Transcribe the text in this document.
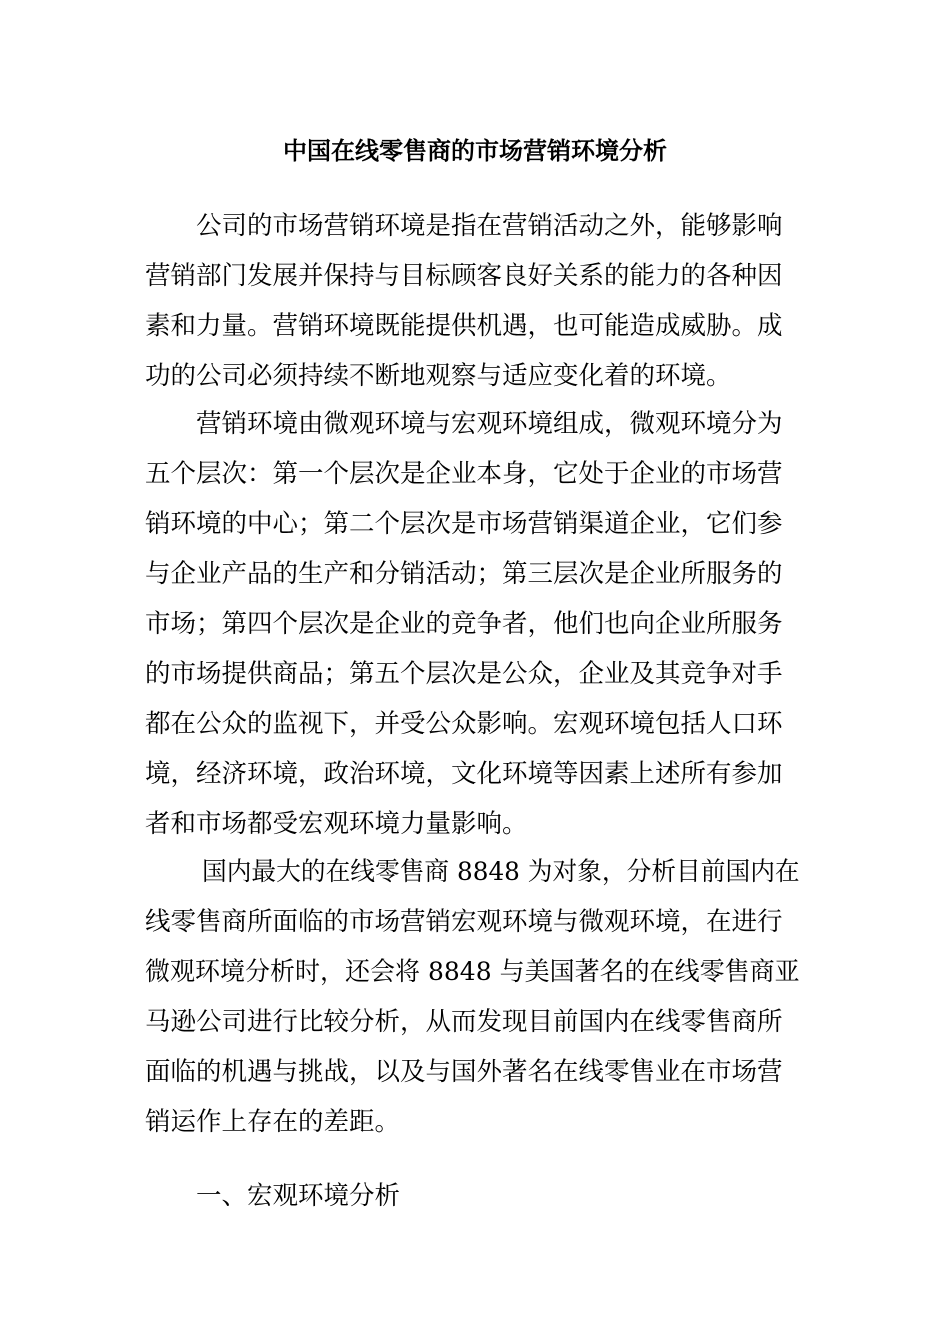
中国在线零售商的市场营销环境分析
公司的市场营销环境是指在营销活动之外，能够影响
营销部门发展并保持与目标顾客良好关系的能力的各种因
素和力量。营销环境既能提供机遇，也可能造成威胁。成
功的公司必须持续不断地观察与适应变化着的环境。
营销环境由微观环境与宏观环境组成，微观环境分为
五个层次：第一个层次是企业本身，它处于企业的市场营
销环境的中心；第二个层次是市场营销渠道企业，它们参
与企业产品的生产和分销活动；第三层次是企业所服务的
市场；第四个层次是企业的竞争者，他们也向企业所服务
的市场提供商品；第五个层次是公众，企业及其竞争对手
都在公众的监视下，并受公众影响。宏观环境包括人口环
境，经济环境，政治环境，文化环境等因素上述所有参加
者和市场都受宏观环境力量影响。
国内最大的在线零售商 8848 为对象，分析目前国内在
线零售商所面临的市场营销宏观环境与微观环境，在进行
微观环境分析时，还会将 8848 与美国著名的在线零售商亚
马逊公司进行比较分析，从而发现目前国内在线零售商所
面临的机遇与挑战，以及与国外著名在线零售业在市场营
销运作上存在的差距。
一、宏观环境分析
